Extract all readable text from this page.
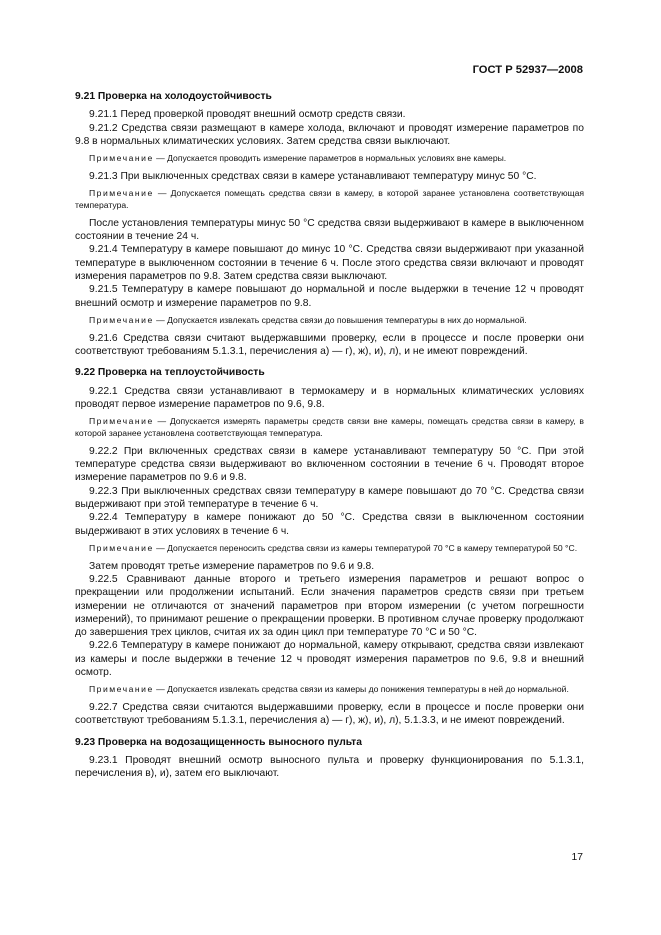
ГОСТ Р 52937—2008
9.21 Проверка на холодоустойчивость

9.21.1 Перед проверкой проводят внешний осмотр средств связи.

9.21.2 Средства связи размещают в камере холода, включают и проводят измерение параметров по 9.8 в нормальных климатических условиях. Затем средства связи выключают.

Примечание — Допускается проводить измерение параметров в нормальных условиях вне камеры.

9.21.3 При выключенных средствах связи в камере устанавливают температуру минус 50 °С.

Примечание — Допускается помещать средства связи в камеру, в которой заранее установлена соответствующая температура.

После установления температуры минус 50 °С средства связи выдерживают в камере в выключенном состоянии в течение 24 ч.

9.21.4 Температуру в камере повышают до минус 10 °С. Средства связи выдерживают при указанной температуре в выключенном состоянии в течение 6 ч. После этого средства связи включают и проводят измерения параметров по 9.8. Затем средства связи выключают.

9.21.5 Температуру в камере повышают до нормальной и после выдержки в течение 12 ч проводят внешний осмотр и измерение параметров по 9.8.

Примечание — Допускается извлекать средства связи до повышения температуры в них до нормальной.

9.21.6 Средства связи считают выдержавшими проверку, если в процессе и после проверки они соответствуют требованиям 5.1.3.1, перечисления а) — г), ж), и), л), и не имеют повреждений.

9.22 Проверка на теплоустойчивость

9.22.1 Средства связи устанавливают в термокамеру и в нормальных климатических условиях проводят первое измерение параметров по 9.6, 9.8.

Примечание — Допускается измерять параметры средств связи вне камеры, помещать средства связи в камеру, в которой заранее установлена соответствующая температура.

9.22.2 При включенных средствах связи в камере устанавливают температуру 50 °С. При этой температуре средства связи выдерживают во включенном состоянии в течение 6 ч. Проводят второе измерение параметров по 9.6 и 9.8.

9.22.3 При выключенных средствах связи температуру в камере повышают до 70 °С. Средства связи выдерживают при этой температуре в течение 6 ч.

9.22.4 Температуру в камере понижают до 50 °С. Средства связи в выключенном состоянии выдерживают в этих условиях в течение 6 ч.

Примечание — Допускается переносить средства связи из камеры температурой 70 °С в камеру температурой 50 °С.

Затем проводят третье измерение параметров по 9.6 и 9.8.

9.22.5 Сравнивают данные второго и третьего измерения параметров и решают вопрос о прекращении или продолжении испытаний. Если значения параметров средств связи при третьем измерении не отличаются от значений параметров при втором измерении (с учетом погрешности измерений), то принимают решение о прекращении проверки. В противном случае проверку продолжают до завершения трех циклов, считая их за один цикл при температуре 70 °С и 50 °С.

9.22.6 Температуру в камере понижают до нормальной, камеру открывают, средства связи извлекают из камеры и после выдержки в течение 12 ч проводят измерения параметров по 9.6, 9.8 и внешний осмотр.

Примечание — Допускается извлекать средства связи из камеры до понижения температуры в ней до нормальной.

9.22.7 Средства связи считаются выдержавшими проверку, если в процессе и после проверки они соответствуют требованиям 5.1.3.1, перечисления а) — г), ж), и), л), 5.1.3.3, и не имеют повреждений.

9.23 Проверка на водозащищенность выносного пульта

9.23.1 Проводят внешний осмотр выносного пульта и проверку функционирования по 5.1.3.1, перечисления в), и), затем его выключают.

17
